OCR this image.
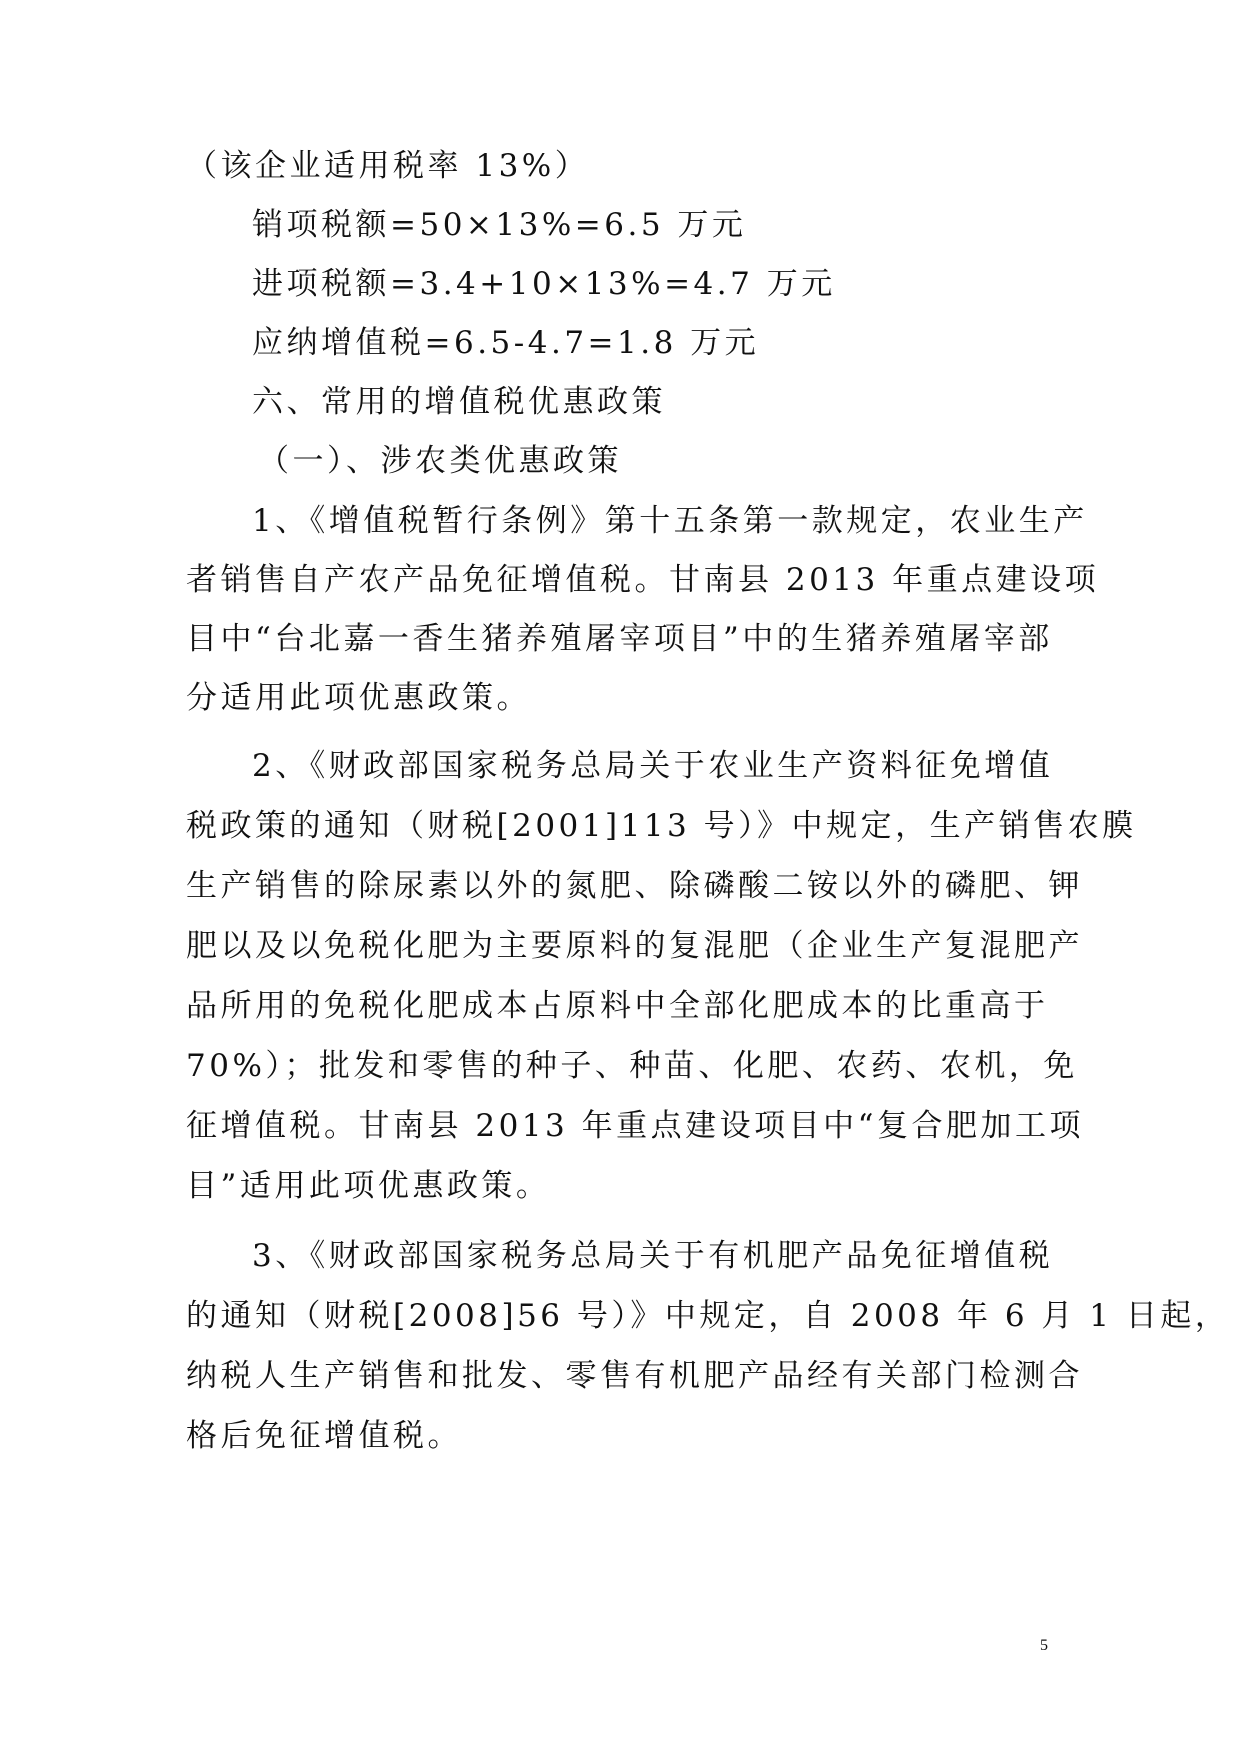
（该企业适用税率 13%）
销项税额=50×13%=6.5 万元
进项税额=3.4+10×13%=4.7 万元
应纳增值税=6.5-4.7=1.8 万元
六、常用的增值税优惠政策
（一）、涉农类优惠政策
1、《增值税暂行条例》第十五条第一款规定，农业生产
者销售自产农产品免征增值税。甘南县 2013 年重点建设项
目中“台北嘉一香生猪养殖屠宰项目”中的生猪养殖屠宰部
分适用此项优惠政策。
2、《财政部国家税务总局关于农业生产资料征免增值
税政策的通知（财税[2001]113 号）》中规定，生产销售农膜
生产销售的除尿素以外的氮肥、除磷酸二铵以外的磷肥、钾
肥以及以免税化肥为主要原料的复混肥（企业生产复混肥产
品所用的免税化肥成本占原料中全部化肥成本的比重高于
70%）；批发和零售的种子、种苗、化肥、农药、农机，免
征增值税。甘南县 2013 年重点建设项目中“复合肥加工项
目”适用此项优惠政策。
3、《财政部国家税务总局关于有机肥产品免征增值税
的通知（财税[2008]56 号）》中规定，自 2008 年 6 月 1 日起，
纳税人生产销售和批发、零售有机肥产品经有关部门检测合
格后免征增值税。
5
